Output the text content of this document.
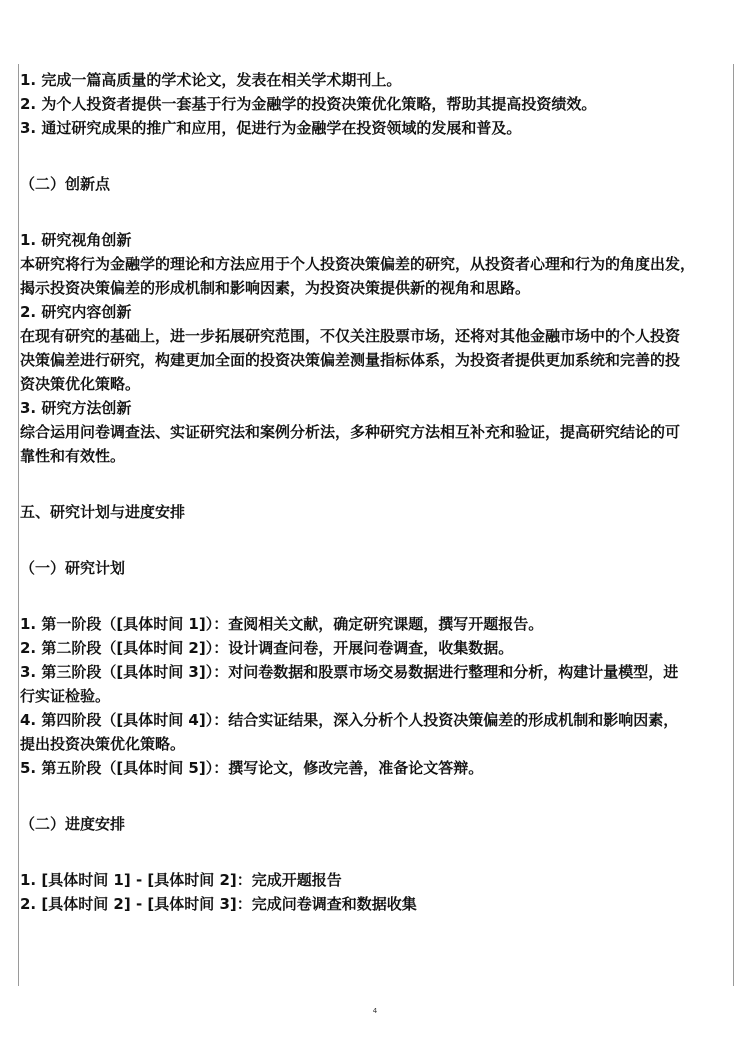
1. 完成一篇高质量的学术论文，发表在相关学术期刊上。
2. 为个人投资者提供一套基于行为金融学的投资决策优化策略，帮助其提高投资绩效。
3. 通过研究成果的推广和应用，促进行为金融学在投资领域的发展和普及。
（二）创新点
1. 研究视角创新
本研究将行为金融学的理论和方法应用于个人投资决策偏差的研究，从投资者心理和行为的角度出发，
揭示投资决策偏差的形成机制和影响因素，为投资决策提供新的视角和思路。
2. 研究内容创新
在现有研究的基础上，进一步拓展研究范围，不仅关注股票市场，还将对其他金融市场中的个人投资
决策偏差进行研究，构建更加全面的投资决策偏差测量指标体系，为投资者提供更加系统和完善的投
资决策优化策略。
3. 研究方法创新
综合运用问卷调查法、实证研究法和案例分析法，多种研究方法相互补充和验证，提高研究结论的可
靠性和有效性。
五、研究计划与进度安排
（一）研究计划
1. 第一阶段（[具体时间 1]）：查阅相关文献，确定研究课题，撰写开题报告。
2. 第二阶段（[具体时间 2]）：设计调查问卷，开展问卷调查，收集数据。
3. 第三阶段（[具体时间 3]）：对问卷数据和股票市场交易数据进行整理和分析，构建计量模型，进
行实证检验。
4. 第四阶段（[具体时间 4]）：结合实证结果，深入分析个人投资决策偏差的形成机制和影响因素，
提出投资决策优化策略。
5. 第五阶段（[具体时间 5]）：撰写论文，修改完善，准备论文答辩。
（二）进度安排
1. [具体时间 1] - [具体时间 2]：完成开题报告
2. [具体时间 2] - [具体时间 3]：完成问卷调查和数据收集
4
